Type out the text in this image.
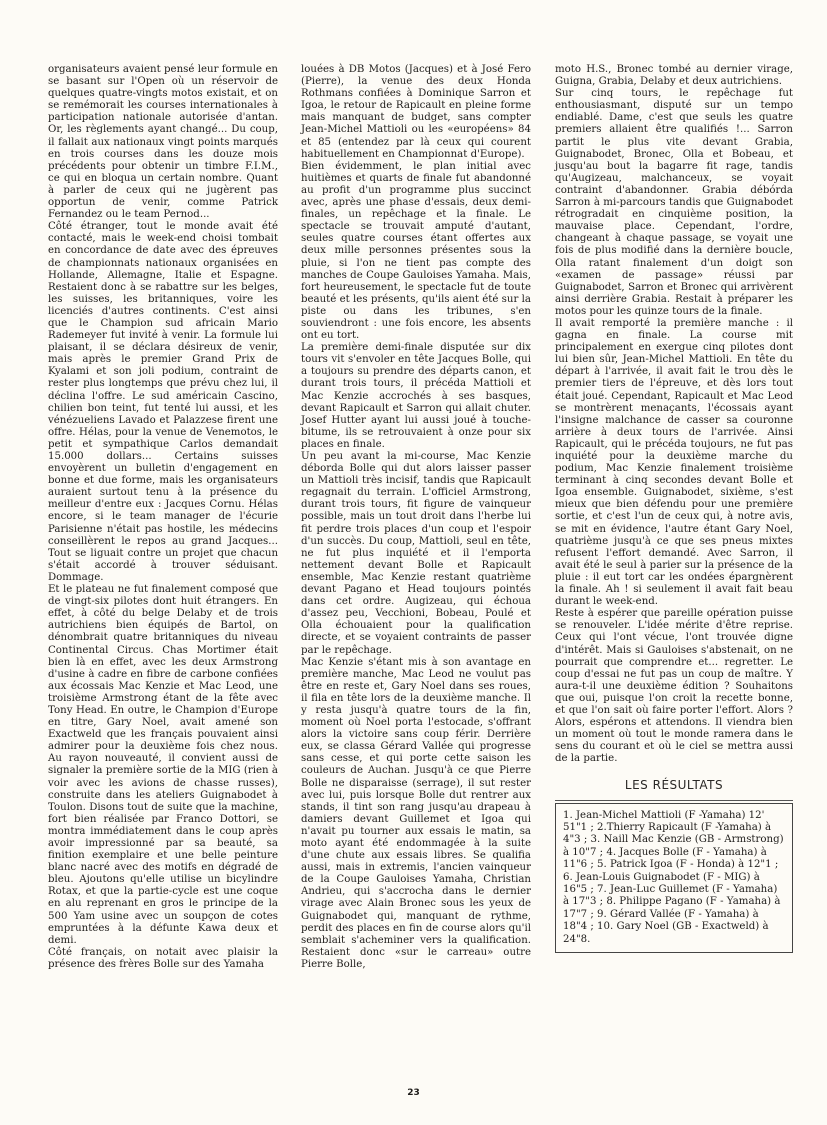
organisateurs avaient pensé leur formule en se basant sur l'Open où un réservoir de quelques quatre-vingts motos existait, et on se remémorait les courses internationales à participation nationale autorisée d'antan. Or, les règlements ayant changé... Du coup, il fallait aux nationaux vingt points marqués en trois courses dans les douze mois précédents pour obtenir un timbre F.I.M., ce qui en bloqua un certain nombre. Quant à parler de ceux qui ne jugèrent pas opportun de venir, comme Patrick Fernandez ou le team Pernod...

Côté étranger, tout le monde avait été contacté, mais le week-end choisi tombait en concordance de date avec des épreuves de championnats nationaux organisées en Hollande, Allemagne, Italie et Espagne. Restaient donc à se rabattre sur les belges, les suisses, les britanniques, voire les licenciés d'autres continents. C'est ainsi que le Champion sud africain Mario Rademeyer fut invité à venir. La formule lui plaisant, il se déclara désireux de venir, mais après le premier Grand Prix de Kyalami et son joli podium, contraint de rester plus longtemps que prévu chez lui, il déclina l'offre. Le sud américain Cascino, chilien bon teint, fut tenté lui aussi, et les vénézueliens Lavado et Palazzese firent une offre. Hélas, pour la venue de Venemotos, le petit et sympathique Carlos demandait 15.000 dollars... Certains suisses envoyèrent un bulletin d'engagement en bonne et due forme, mais les organisateurs auraient surtout tenu à la présence du meilleur d'entre eux : Jacques Cornu. Hélas encore, si le team manager de l'écurie Parisienne n'était pas hostile, les médecins conseillèrent le repos au grand Jacques... Tout se liguait contre un projet que chacun s'était accordé à trouver séduisant. Dommage.

Et le plateau ne fut finalement composé que de vingt-six pilotes dont huit étrangers. En effet, à côté du belge Delaby et de trois autrichiens bien équipés de Bartol, on dénombrait quatre britanniques du niveau Continental Circus. Chas Mortimer était bien là en effet, avec les deux Armstrong d'usine à cadre en fibre de carbone confiées aux écossais Mac Kenzie et Mac Leod, une troisième Armstrong étant de la fête avec Tony Head. En outre, le Champion d'Europe en titre, Gary Noel, avait amené son Exactweld que les français pouvaient ainsi admirer pour la deuxième fois chez nous. Au rayon nouveauté, il convient aussi de signaler la première sortie de la MIG (rien à voir avec les avions de chasse russes), construite dans les ateliers Guignabodet à Toulon. Disons tout de suite que la machine, fort bien réalisée par Franco Dottori, se montra immédiatement dans le coup après avoir impressionné par sa beauté, sa finition exemplaire et une belle peinture blanc nacré avec des motifs en dégradé de bleu. Ajoutons qu'elle utilise un bicylindre Rotax, et que la partie-cycle est une coque en alu reprenant en gros le principe de la 500 Yam usine avec un soupçon de cotes empruntées à la défunte Kawa deux et demi.

Côté français, on notait avec plaisir la présence des frères Bolle sur des Yamaha

louées à DB Motos (Jacques) et à José Fero (Pierre), la venue des deux Honda Rothmans confiées à Dominique Sarron et Igoa, le retour de Rapicault en pleine forme mais manquant de budget, sans compter Jean-Michel Mattioli ou les «européens» 84 et 85 (entendez par là ceux qui courent habituellement en Championnat d'Europe).

Bien évidemment, le plan initial avec huitièmes et quarts de finale fut abandonné au profit d'un programme plus succinct avec, après une phase d'essais, deux demi-finales, un repêchage et la finale. Le spectacle se trouvait amputé d'autant, seules quatre courses étant offertes aux deux mille personnes présentes sous la pluie, si l'on ne tient pas compte des manches de Coupe Gauloises Yamaha. Mais, fort heureusement, le spectacle fut de toute beauté et les présents, qu'ils aient été sur la piste ou dans les tribunes, s'en souviendront : une fois encore, les absents ont eu tort.

La première demi-finale disputée sur dix tours vit s'envoler en tête Jacques Bolle, qui a toujours su prendre des départs canon, et durant trois tours, il précéda Mattioli et Mac Kenzie accrochés à ses basques, devant Rapicault et Sarron qui allait chuter. Josef Hutter ayant lui aussi joué à touche-bitume, ils se retrouvaient à onze pour six places en finale.

Un peu avant la mi-course, Mac Kenzie déborda Bolle qui dut alors laisser passer un Mattioli très incisif, tandis que Rapicault regagnait du terrain. L'officiel Armstrong, durant trois tours, fit figure de vainqueur possible, mais un tout droit dans l'herbe lui fit perdre trois places d'un coup et l'espoir d'un succès. Du coup, Mattioli, seul en tête, ne fut plus inquiété et il l'emporta nettement devant Bolle et Rapicault ensemble, Mac Kenzie restant quatrième devant Pagano et Head toujours pointés dans cet ordre. Augizeau, qui échoua d'assez peu, Vecchioni, Bobeau, Poulé et Olla échouaient pour la qualification directe, et se voyaient contraints de passer par le repêchage.

Mac Kenzie s'étant mis à son avantage en première manche, Mac Leod ne voulut pas être en reste et, Gary Noel dans ses roues, il fila en tête lors de la deuxième manche. Il y resta jusqu'à quatre tours de la fin, moment où Noel porta l'estocade, s'offrant alors la victoire sans coup férir. Derrière eux, se classa Gérard Vallée qui progresse sans cesse, et qui porte cette saison les couleurs de Auchan. Jusqu'à ce que Pierre Bolle ne disparaisse (serrage), il sut rester avec lui, puis lorsque Bolle dut rentrer aux stands, il tint son rang jusqu'au drapeau à damiers devant Guillemet et Igoa qui n'avait pu tourner aux essais le matin, sa moto ayant été endommagée à la suite d'une chute aux essais libres. Se qualifia aussi, mais in extremis, l'ancien vainqueur de la Coupe Gauloises Yamaha, Christian Andrieu, qui s'accrocha dans le dernier virage avec Alain Bronec sous les yeux de Guignabodet qui, manquant de rythme, perdit des places en fin de course alors qu'il semblait s'acheminer vers la qualification. Restaient donc «sur le carreau» outre Pierre Bolle,

moto H.S., Bronec tombé au dernier virage, Guigna, Grabia, Delaby et deux autrichiens.

Sur cinq tours, le repêchage fut enthousiasmant, disputé sur un tempo endiablé. Dame, c'est que seuls les quatre premiers allaient être qualifiés !... Sarron partit le plus vite devant Grabia, Guignabodet, Bronec, Olla et Bobeau, et jusqu'au bout la bagarre fit rage, tandis qu'Augizeau, malchanceux, se voyait contraint d'abandonner. Grabia débórda Sarron à mi-parcours tandis que Guignabodet rétrogradait en cinquième position, la mauvaise place. Cependant, l'ordre, changeant à chaque passage, se voyait une fois de plus modifié dans la dernière boucle, Olla ratant finalement d'un doigt son «examen de passage» réussi par Guignabodet, Sarron et Bronec qui arrivèrent ainsi derrière Grabia. Restait à préparer les motos pour les quinze tours de la finale.

Il avait remporté la première manche : il gagna en finale. La course mit principalement en exergue cinq pilotes dont lui bien sûr, Jean-Michel Mattioli. En tête du départ à l'arrivée, il avait fait le trou dès le premier tiers de l'épreuve, et dès lors tout était joué. Cependant, Rapicault et Mac Leod se montrèrent menaçants, l'écossais ayant l'insigne malchance de casser sa couronne arrière à deux tours de l'arrivée. Ainsi Rapicault, qui le précéda toujours, ne fut pas inquiété pour la deuxième marche du podium, Mac Kenzie finalement troisième terminant à cinq secondes devant Bolle et Igoa ensemble. Guignabodet, sixième, s'est mieux que bien défendu pour une première sortie, et c'est l'un de ceux qui, à notre avis, se mit en évidence, l'autre étant Gary Noel, quatrième jusqu'à ce que ses pneus mixtes refusent l'effort demandé. Avec Sarron, il avait été le seul à parier sur la présence de la pluie : il eut tort car les ondées épargnèrent la finale. Ah ! si seulement il avait fait beau durant le week-end.

Reste à espérer que pareille opération puisse se renouveler. L'idée mérite d'être reprise. Ceux qui l'ont vécue, l'ont trouvée digne d'intérêt. Mais si Gauloises s'abstenait, on ne pourrait que comprendre et... regretter. Le coup d'essai ne fut pas un coup de maître. Y aura-t-il une deuxième édition ? Souhaitons que oui, puisque l'on croit la recette bonne, et que l'on sait où faire porter l'effort. Alors ? Alors, espérons et attendons. Il viendra bien un moment où tout le monde ramera dans le sens du courant et où le ciel se mettra aussi de la partie.

LES RÉSULTATS
1. Jean-Michel Mattioli (F -Yamaha) 12' 51"1 ; 2.Thierry Rapicault (F -Yamaha) à 4"3 ; 3. Naill Mac Kenzie (GB - Armstrong) à 10"7 ; 4. Jacques Bolle (F - Yamaha) à 11"6 ; 5. Patrick Igoa (F - Honda) à 12"1 ; 6. Jean-Louis Guignabodet (F - MIG) à 16"5 ; 7. Jean-Luc Guillemet (F - Yamaha) à 17"3 ; 8. Philippe Pagano (F - Yamaha) à 17"7 ; 9. Gérard Vallée (F - Yamaha) à 18"4 ; 10. Gary Noel (GB - Exactweld) à 24"8.
23
